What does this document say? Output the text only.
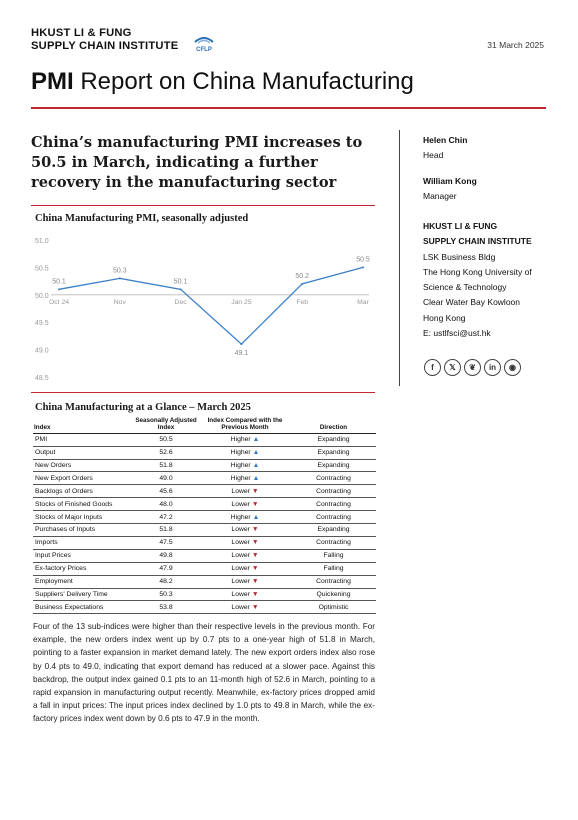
HKUST LI & FUNG
SUPPLY CHAIN INSTITUTE	CFLP	31 March 2025
PMI Report on China Manufacturing
China’s manufacturing PMI increases to 50.5 in March, indicating a further recovery in the manufacturing sector
China Manufacturing PMI, seasonally adjusted
51.0
50.5
50.0
49.5
49.0
48.5
Oct 24	Nov	Dec	Jan 25	Feb	Mar
50.1
50.3
50.1
49.1
50.2
50.5
China Manufacturing at a Glance – March 2025
Index	Seasonally Adjusted Index	Index Compared with the Previous Month	Direction
PMI	50.5	Higher ▲	Expanding
Output	52.6	Higher ▲	Expanding
New Orders	51.8	Higher ▲	Expanding
New Export Orders	49.0	Higher ▲	Contracting
Backlogs of Orders	45.6	Lower ▼	Contracting
Stocks of Finished Goods	48.0	Lower ▼	Contracting
Stocks of Major Inputs	47.2	Higher ▲	Contracting
Purchases of Inputs	51.8	Lower ▼	Expanding
Imports	47.5	Lower ▼	Contracting
Input Prices	49.8	Lower ▼	Falling
Ex-factory Prices	47.9	Lower ▼	Falling
Employment	48.2	Lower ▼	Contracting
Suppliers' Delivery Time	50.3	Lower ▼	Quickening
Business Expectations	53.8	Lower ▼	Optimistic
Four of the 13 sub-indices were higher than their respective levels in the previous month. For example, the new orders index went up by 0.7 pts to a one-year high of 51.8 in March, pointing to a faster expansion in market demand lately. The new export orders index also rose by 0.4 pts to 49.0, indicating that export demand has reduced at a slower pace. Against this backdrop, the output index gained 0.1 pts to an 11-month high of 52.6 in March, pointing to a rapid expansion in manufacturing output recently. Meanwhile, ex-factory prices dropped amid a fall in input prices: The input prices index declined by 1.0 pts to 49.8 in March, while the ex-factory prices index went down by 0.6 pts to 47.9 in the month.
Helen Chin
Head
William Kong
Manager
HKUST LI & FUNG
SUPPLY CHAIN INSTITUTE
LSK Business Bldg
The Hong Kong University of
Science & Technology
Clear Water Bay Kowloon
Hong Kong
E: ustlfsci@ust.hk
f	𝕏	❦	in	◉
